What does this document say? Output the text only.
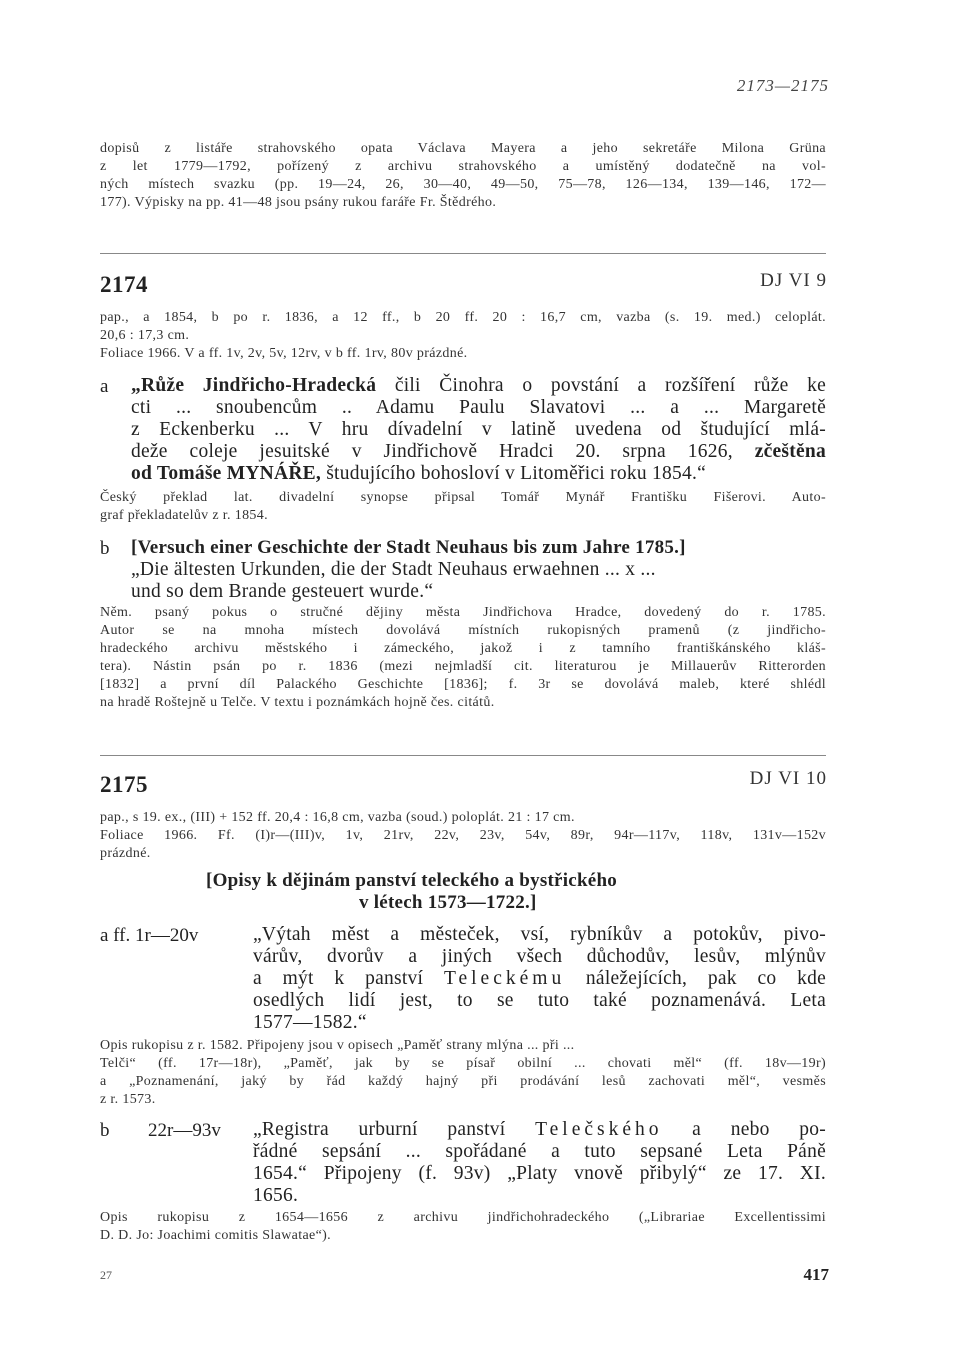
2173—2175
dopisů z listáře strahovského opata Václava Mayera a jeho sekretáře Milona Grüna
z let 1779—1792, pořízený z archivu strahovského a umístěný dodatečně na vol-
ných místech svazku (pp. 19—24, 26, 30—40, 49—50, 75—78, 126—134, 139—146, 172—
177). Výpisky na pp. 41—48 jsou psány rukou faráře Fr. Štědrého.
2174	DJ VI 9
pap., a 1854, b po r. 1836, a 12 ff., b 20 ff. 20 : 16,7 cm, vazba (s. 19. med.) celoplát.
20,6 : 17,3 cm.
Foliace 1966. V a ff. 1v, 2v, 5v, 12rv, v b ff. 1rv, 80v prázdné.
a „Růže Jindřicho-Hradecká čili Činohra o povstání a rozšíření růže ke
cti ... snoubencům .. Adamu Paulu Slavatovi ... a ... Margaretě
z Eckenberku ... V hru dívadelní v latině uvedena od študující mlá-
deže coleje jesuitské v Jindřichově Hradci 20. srpna 1626, zčeštěna
od Tomáše MYNÁŘE, študujícího bohosloví v Litoměřici roku 1854.“
Český překlad lat. divadelní synopse připsal Tomář Mynář Františku Fišerovi. Auto-
graf překladatelův z r. 1854.
b [Versuch einer Geschichte der Stadt Neuhaus bis zum Jahre 1785.]
„Die ältesten Urkunden, die der Stadt Neuhaus erwaehnen ... x ...
und so dem Brande gesteuert wurde.“
Něm. psaný pokus o stručné dějiny města Jindřichova Hradce, dovedený do r. 1785.
Autor se na mnoha místech dovolává místních rukopisných pramenů (z jindřicho-
hradeckého archivu městského i zámeckého, jakož i z tamního františkánského kláš-
tera). Nástin psán po r. 1836 (mezi nejmladší cit. literaturou je Millauerův Ritterorden
[1832] a první díl Palackého Geschichte [1836]; f. 3r se dovolává maleb, které shlédl
na hradě Roštejně u Telče. V textu i poznámkách hojně čes. citátů.
2175	DJ VI 10
pap., s 19. ex., (III) + 152 ff. 20,4 : 16,8 cm, vazba (soud.) poloplát. 21 : 17 cm.
Foliace 1966. Ff. (I)r—(III)v, 1v, 21rv, 22v, 23v, 54v, 89r, 94r—117v, 118v, 131v—152v
prázdné.
[Opisy k dějinám panství teleckého a bystřického
v létech 1573—1722.]
a ff. 1r—20v	„Výtah měst a městeček, vsí, rybníkův a potokův, pivo-
várův, dvorův a jiných všech důchodův, lesův, mlýnův
a mýt k panství Teleckému náležejících, pak co kde
osedlých lidí jest, to se tuto také poznamenává. Leta
1577—1582.“
Opis rukopisu z r. 1582. Připojeny jsou v opisech „Paměť strany mlýna ... při ...
Telči“ (ff. 17r—18r), „Paměť, jak by se písař obilní ... chovati měl“ (ff. 18v—19r)
a „Poznamenání, jaký by řád každý hajný při prodávání lesů zachovati měl“, vesměs
z r. 1573.
b 22r—93v „Registra urburní panství Telečského a nebo po-
řádné sepsání ... spořádané a tuto sepsané Leta Páně
1654.“ Připojeny (f. 93v) „Platy vnově přibylý“ ze 17. XI.
1656.
Opis rukopisu z 1654—1656 z archivu jindřichohradeckého („Librariae Excellentissimi
D. D. Jo: Joachimi comitis Slawatae“).
27	417
